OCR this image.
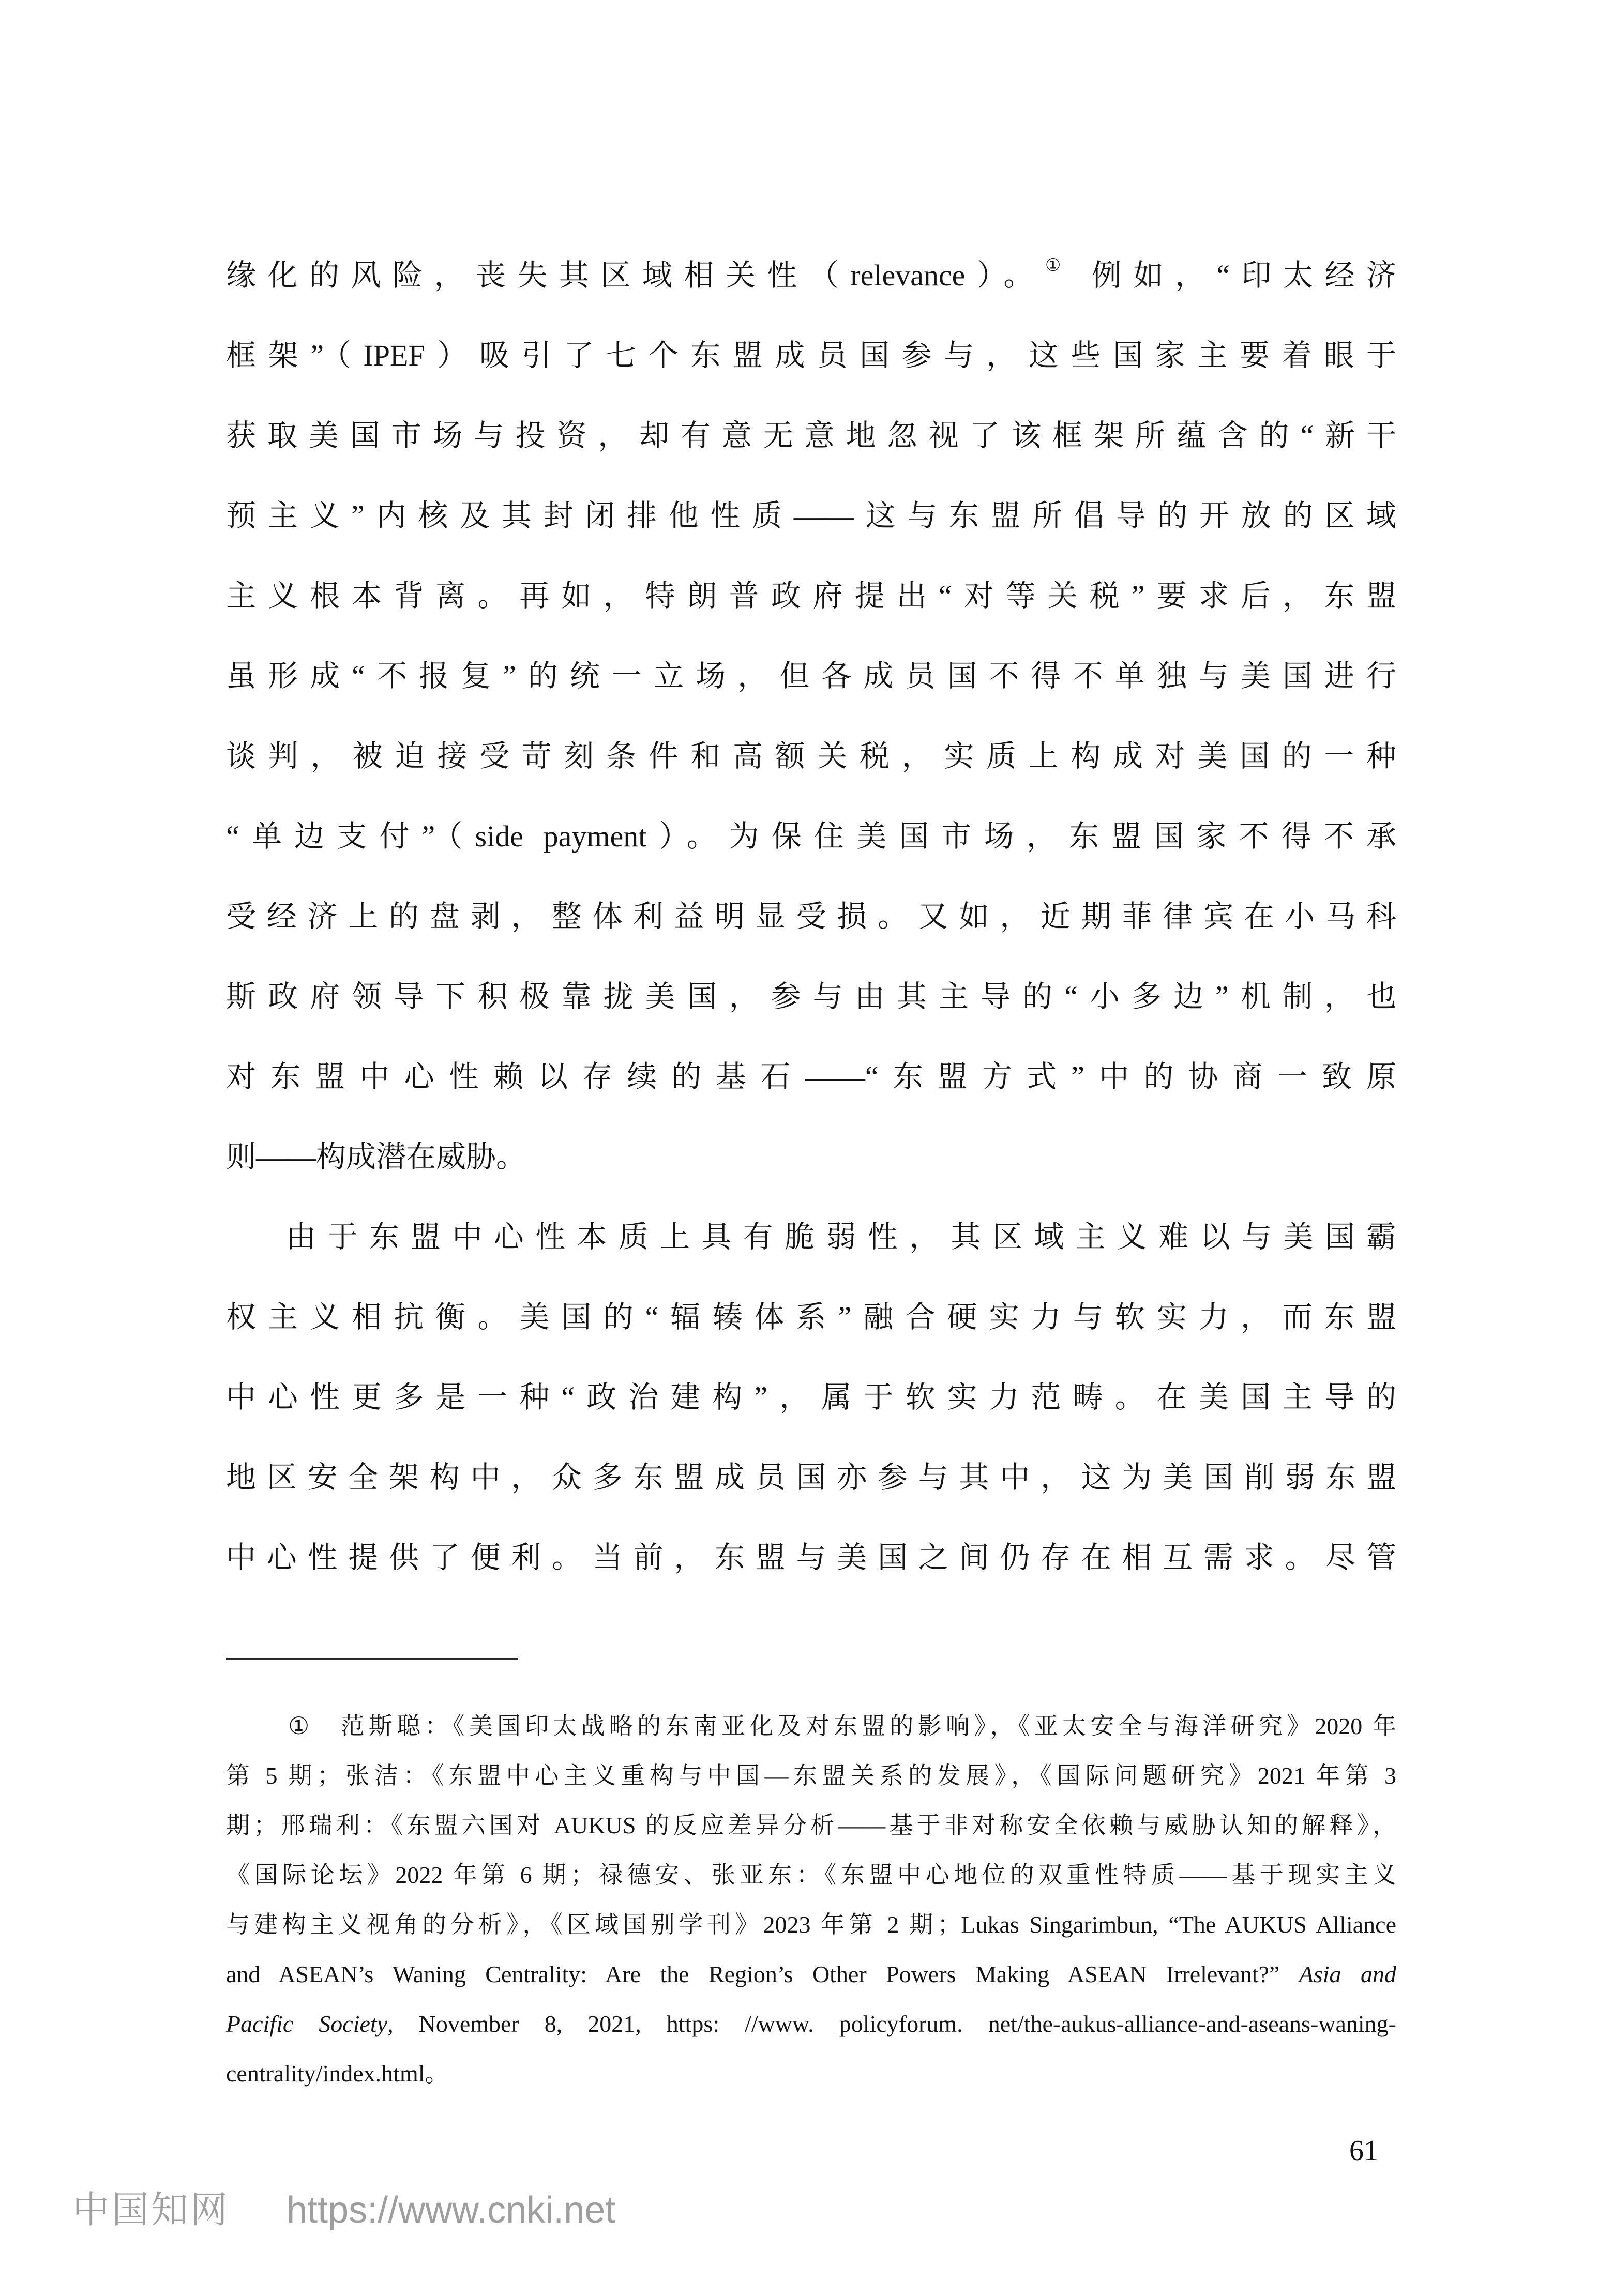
缘化的风险，丧失其区域相关性（relevance）。① 例如，“印太经济
框架”（IPEF）吸引了七个东盟成员国参与，这些国家主要着眼于
获取美国市场与投资，却有意无意地忽视了该框架所蕴含的“新干
预主义”内核及其封闭排他性质——这与东盟所倡导的开放的区域
主义根本背离。再如，特朗普政府提出“对等关税”要求后，东盟
虽形成“不报复”的统一立场，但各成员国不得不单独与美国进行
谈判，被迫接受苛刻条件和高额关税，实质上构成对美国的一种
“单边支付”（side payment）。为保住美国市场，东盟国家不得不承
受经济上的盘剥，整体利益明显受损。又如，近期菲律宾在小马科
斯政府领导下积极靠拢美国，参与由其主导的“小多边”机制，也
对东盟中心性赖以存续的基石——“东盟方式”中的协商一致原
则——构成潜在威胁。
由于东盟中心性本质上具有脆弱性，其区域主义难以与美国霸
权主义相抗衡。美国的“辐辏体系”融合硬实力与软实力，而东盟
中心性更多是一种“政治建构”，属于软实力范畴。在美国主导的
地区安全架构中，众多东盟成员国亦参与其中，这为美国削弱东盟
中心性提供了便利。当前，东盟与美国之间仍存在相互需求。尽管
① 范斯聪：《美国印太战略的东南亚化及对东盟的影响》，《亚太安全与海洋研究》2020 年
第 5 期；张洁：《东盟中心主义重构与中国—东盟关系的发展》，《国际问题研究》2021 年第 3
期；邢瑞利：《东盟六国对 AUKUS 的反应差异分析——基于非对称安全依赖与威胁认知的解释》，
《国际论坛》2022 年第 6 期；禄德安、张亚东：《东盟中心地位的双重性特质——基于现实主义
与建构主义视角的分析》，《区域国别学刊》2023 年第 2 期；Lukas Singarimbun, “The AUKUS Alliance
and ASEAN’s Waning Centrality: Are the Region’s Other Powers Making ASEAN Irrelevant?” Asia and
Pacific Society, November 8, 2021, https: //www. policyforum. net/the-aukus-alliance-and-aseans-waning-
centrality/index.html。
61
中国知网 https://www.cnki.net
